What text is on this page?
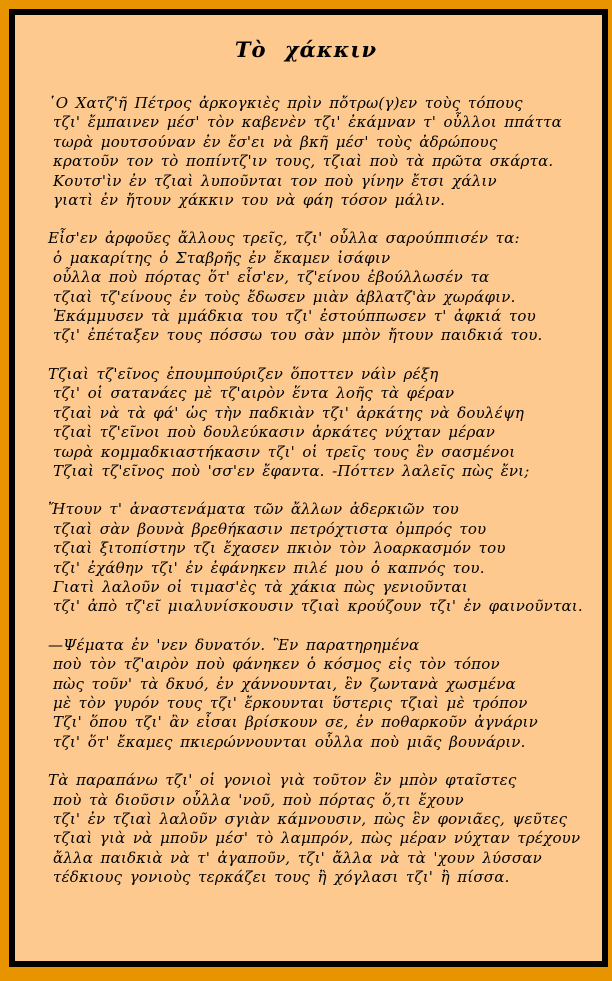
Τὸ χάκκιν
῾Ο Χατζ'ῆ Πέτρος ἀρκογκιὲς πρὶν πὄτρω(γ)εν τοὺς τόπους
τζι' ἔμπαινεν μέσ' τὸν καβενὲν τζι' ἐκάμναν τ' οὗλλοι ππάττα
τωρὰ μουτσούναν ἐν ἔσ'ει νὰ βκῆ μέσ' τοὺς ἀδρώπους
κρατοῦν τον τὸ ποπίντζ'ιν τους, τζιαὶ ποὺ τὰ πρῶτα σκάρτα.
Κουτσ'ὶν ἐν τζιαὶ λυποῦνται τον ποὺ γίνην ἔτσι χάλιν
γιατὶ ἐν ἤτουν χάκκιν του νὰ φάη τόσον μάλιν.
Εἶσ'εν ἀρφοῦες ἄλλους τρεῖς, τζι' οὗλλα σαρούππισέν τα:
ὁ μακαρίτης ὁ Σταβρῆς ἐν ἔκαμεν ἰσάφιν
οὗλλα ποὺ πόρτας ὅτ' εἶσ'εν, τζ'είνου ἐβούλλωσέν τα
τζιαὶ τζ'είνους ἐν τοὺς ἔδωσεν μιὰν ἀβλατζ'ὰν χωράφιν.
Ἐκάμμυσεν τὰ μμάδκια του τζι' ἐστούππωσεν τ' ἀφκιά του
τζι' ἐπέταξεν τους πόσσω του σὰν μπὸν ἤτουν παιδκιά του.
Τζιαὶ τζ'εῖνος ἐπουμπούριζεν ὅποττεν νάὶν ρέξη
τζι' οἱ σατανάες μὲ τζ'αιρὸν ἕντα λοῆς τὰ φέραν
τζιαὶ νὰ τὰ φά' ὡς τὴν παδκιὰν τζι' ἀρκάτης νὰ δουλέψη
τζιαὶ τζ'εῖνοι ποὺ δουλεύκασιν ἀρκάτες νύχταν μέραν
τωρὰ κομμαδκιαστήκασιν τζι' οἱ τρεῖς τους ἓν σασμένοι
Τζιαὶ τζ'εῖνος ποὺ 'σσ'εν ἔφαντα. -Πόττεν λαλεῖς πὼς ἔνι;
Ἤτουν τ' ἀναστενάματα τῶν ἄλλων ἀδερκιῶν του
τζιαὶ σὰν βουνὰ βρεθήκασιν πετρόχτιστα ὀμπρός του
τζιαὶ ξιτοπίστην τζι ἔχασεν πκιὸν τὸν λοαρκασμόν του
τζι' ἐχάθην τζι' ἐν ἐφάνηκεν πιλέ μου ὁ καπνός του.
Γιατὶ λαλοῦν οἱ τιμασ'ὲς τὰ χάκια πὼς γενιοῦνται
τζι' ἀπὸ τζ'εῖ μιαλυνίσκουσιν τζιαὶ κρούζουν τζι' ἐν φαινοῦνται.
—Ψέματα ἐν 'νεν δυνατόν. Ἓν παρατηρημένα
ποὺ τὸν τζ'αιρὸν ποὺ φάνηκεν ὁ κόσμος εἰς τὸν τόπον
πὼς τοῦν' τὰ δκυό, ἐν χάννουνται, ἓν ζωντανὰ χωσμένα
μὲ τὸν γυρόν τους τζι' ἔρκουνται ὕστερις τζιαὶ μὲ τρόπον
Τζι' ὅπου τζι' ἂν εἶσαι βρίσκουν σε, ἐν ποθαρκοῦν ἀγνάριν
τζι' ὅτ' ἔκαμες πκιερώννουνται οὗλλα ποὺ μιᾶς βουνάριν.
Τὰ παραπάνω τζι' οἱ γονιοὶ γιὰ τοῦτον ἓν μπὸν φταῖστες
ποὺ τὰ διοῦσιν οὗλλα 'νοῦ, ποὺ πόρτας ὅ,τι ἔχουν
τζι' ἐν τζιαὶ λαλοῦν σγιὰν κάμνουσιν, πὼς ἓν φονιᾶες, ψεῦτες
τζιαὶ γιὰ νὰ μποῦν μέσ' τὸ λαμπρόν, πὼς μέραν νύχταν τρέχουν
ἄλλα παιδκιὰ νὰ τ' ἀγαποῦν, τζι' ἄλλα νὰ τὰ 'χουν λύσσαν
τέδκιους γονιοὺς τερκάζει τους ἢ χόγλασι τζι' ἢ πίσσα.
